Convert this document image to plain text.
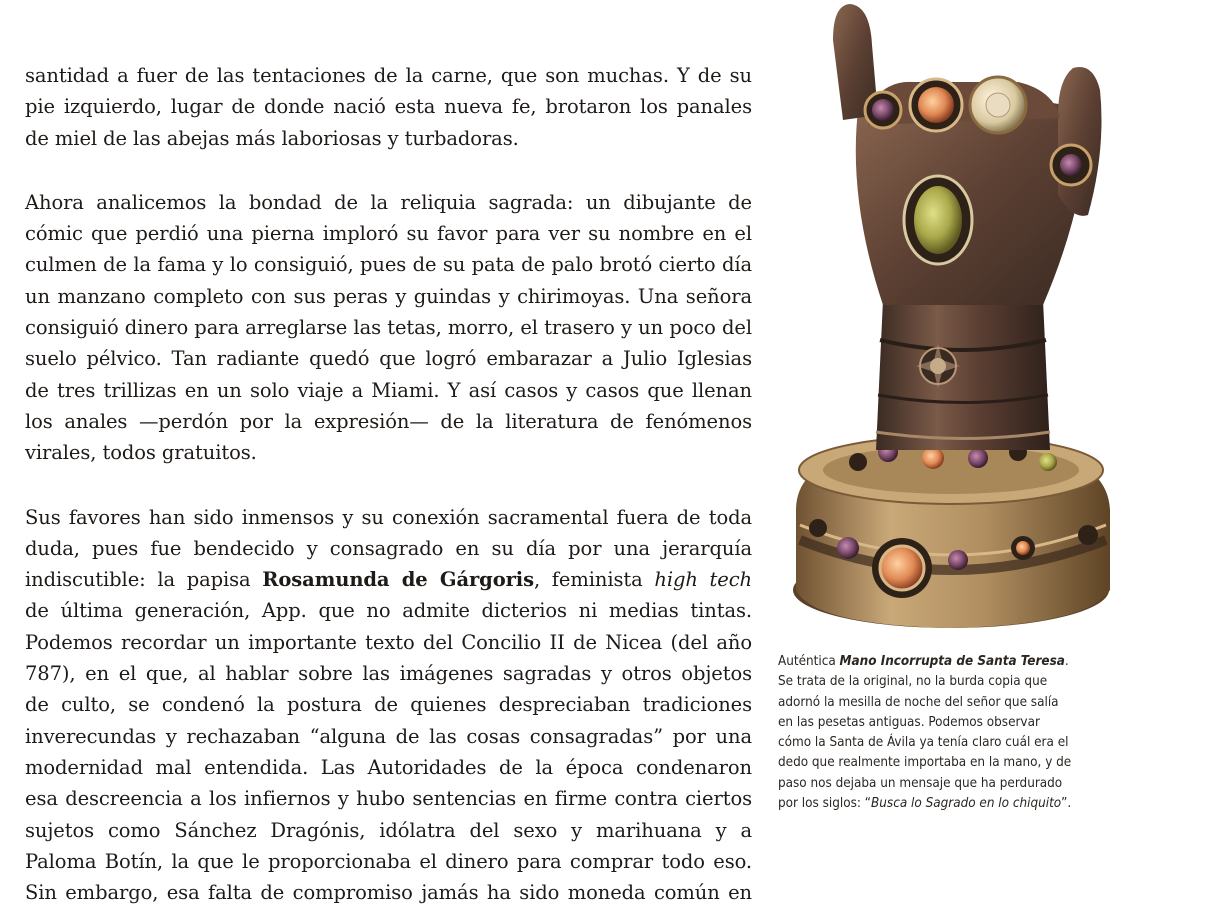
santidad a fuer de las tentaciones de la carne, que son muchas. Y de su
pie izquierdo, lugar de donde nació esta nueva fe, brotaron los panales
de miel de las abejas más laboriosas y turbadoras.

Ahora analicemos la bondad de la reliquia sagrada: un dibujante de
cómic que perdió una pierna imploró su favor para ver su nombre en el
culmen de la fama y lo consiguió, pues de su pata de palo brotó cierto día
un manzano completo con sus peras y guindas y chirimoyas. Una señora
consiguió dinero para arreglarse las tetas, morro, el trasero y un poco del
suelo pélvico. Tan radiante quedó que logró embarazar a Julio Iglesias
de tres trillizas en un solo viaje a Miami. Y así casos y casos que llenan
los anales —perdón por la expresión— de la literatura de fenómenos
virales, todos gratuitos.

Sus favores han sido inmensos y su conexión sacramental fuera de toda
duda, pues fue bendecido y consagrado en su día por una jerarquía
indiscutible: la papisa Rosamunda de Gárgoris, feminista high tech
de última generación, App. que no admite dicterios ni medias tintas.
Podemos recordar un importante texto del Concilio II de Nicea (del año
787), en el que, al hablar sobre las imágenes sagradas y otros objetos
de culto, se condenó la postura de quienes despreciaban tradiciones
inverecundas y rechazaban “alguna de las cosas consagradas” por una
modernidad mal entendida. Las Autoridades de la época condenaron
esa descreencia a los infiernos y hubo sentencias en firme contra ciertos
sujetos como Sánchez Dragónis, idólatra del sexo y marihuana y a
Paloma Botín, la que le proporcionaba el dinero para comprar todo eso.
Sin embargo, esa falta de compromiso jamás ha sido moneda común en

Auténtica Mano Incorrupta de Santa Teresa.
Se trata de la original, no la burda copia que
adornó la mesilla de noche del señor que salía
en las pesetas antiguas. Podemos observar
cómo la Santa de Ávila ya tenía claro cuál era el
dedo que realmente importaba en la mano, y de
paso nos dejaba un mensaje que ha perdurado
por los siglos: “Busca lo Sagrado en lo chiquito”.
